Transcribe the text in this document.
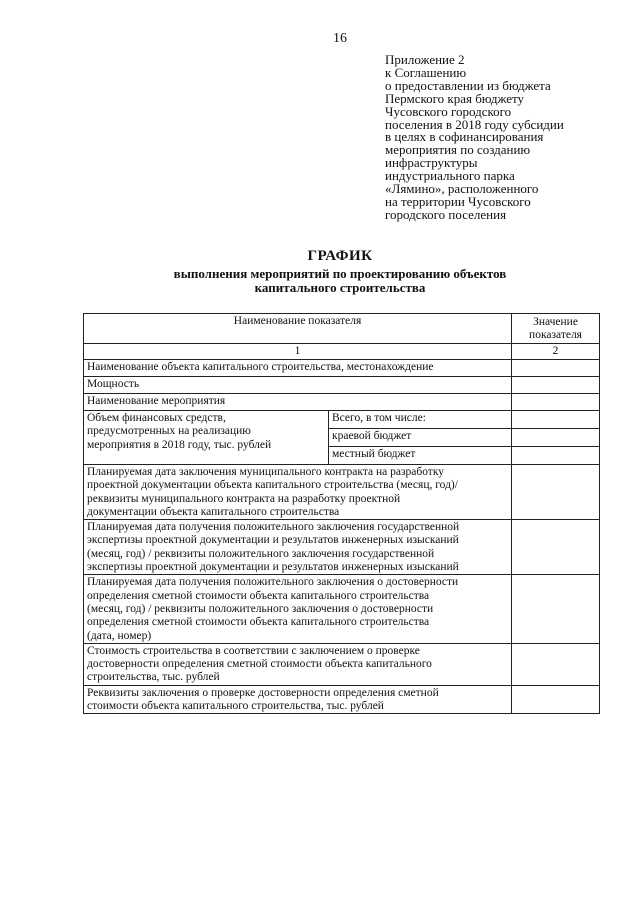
16
Приложение 2
к Соглашению
о предоставлении из бюджета
Пермского края бюджету
Чусовского городского
поселения в 2018 году субсидии
в целях в софинансирования
мероприятия по созданию
инфраструктуры
индустриального парка
«Лямино», расположенного
на территории Чусовского
городского поселения
ГРАФИК
выполнения мероприятий по проектированию объектов
капитального строительства
Наименование показателя		Значение
показателя

1		2
Наименование объекта капитального строительства, местонахождение		
Мощность		
Наименование мероприятия		

Объем финансовых средств,
предусмотренных на реализацию
мероприятия в 2018 году, тыс. рублей	Всего, в том числе:	
	краевой бюджет	
	местный бюджет	

Планируемая дата заключения муниципального контракта на разработку
проектной документации объекта капитального строительства (месяц, год)/
реквизиты муниципального контракта на разработку проектной
документации объекта капитального строительства		

Планируемая дата получения положительного заключения государственной
экспертизы проектной документации и результатов инженерных изысканий
(месяц, год) / реквизиты положительного заключения государственной
экспертизы проектной документации и результатов инженерных изысканий		

Планируемая дата получения положительного заключения о достоверности
определения сметной стоимости объекта капитального строительства
(месяц, год) / реквизиты положительного заключения о достоверности
определения сметной стоимости объекта капитального строительства
(дата, номер)		

Стоимость строительства в соответствии с заключением о проверке
достоверности определения сметной стоимости объекта капитального
строительства, тыс. рублей		

Реквизиты заключения о проверке достоверности определения сметной
стоимости объекта капитального строительства, тыс. рублей		
